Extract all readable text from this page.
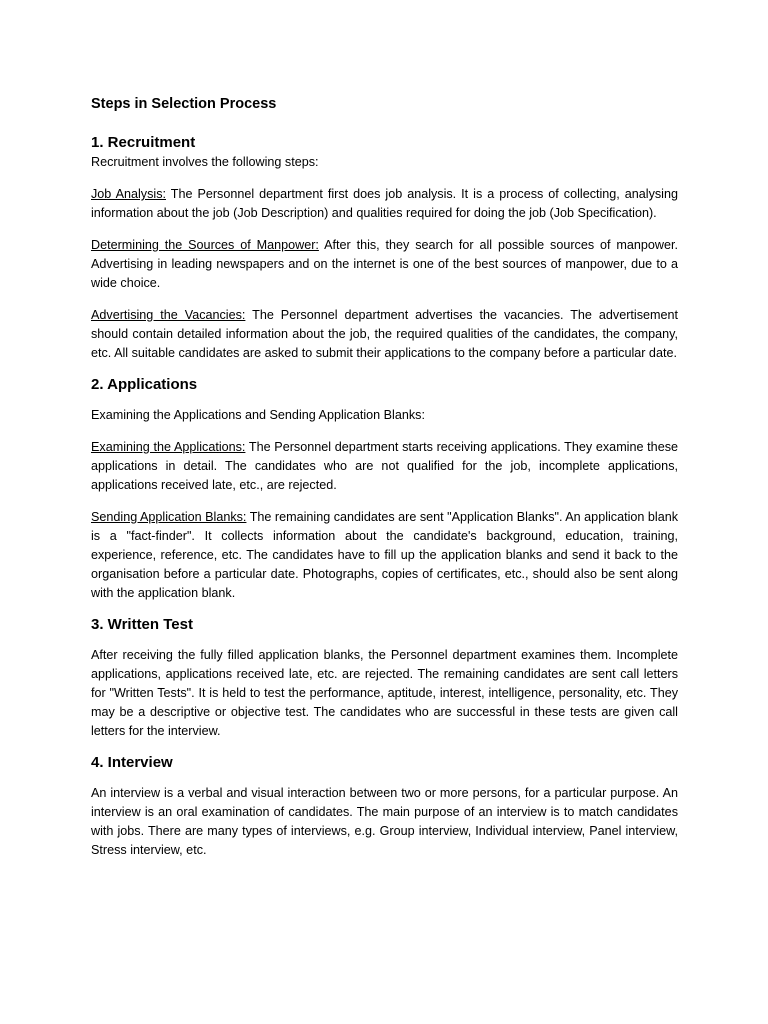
Steps in Selection Process
1. Recruitment

Recruitment involves the following steps:

Job Analysis: The Personnel department first does job analysis. It is a process of collecting, analysing information about the job (Job Description) and qualities required for doing the job (Job Specification).

Determining the Sources of Manpower: After this, they search for all possible sources of manpower. Advertising in leading newspapers and on the internet is one of the best sources of manpower, due to a wide choice.

Advertising the Vacancies: The Personnel department advertises the vacancies. The advertisement should contain detailed information about the job, the required qualities of the candidates, the company, etc. All suitable candidates are asked to submit their applications to the company before a particular date.

2. Applications

Examining the Applications and Sending Application Blanks:

Examining the Applications: The Personnel department starts receiving applications. They examine these applications in detail. The candidates who are not qualified for the job, incomplete applications, applications received late, etc., are rejected.

Sending Application Blanks: The remaining candidates are sent "Application Blanks". An application blank is a "fact-finder". It collects information about the candidate's background, education, training, experience, reference, etc. The candidates have to fill up the application blanks and send it back to the organisation before a particular date. Photographs, copies of certificates, etc., should also be sent along with the application blank.

3. Written Test

After receiving the fully filled application blanks, the Personnel department examines them. Incomplete applications, applications received late, etc. are rejected. The remaining candidates are sent call letters for "Written Tests". It is held to test the performance, aptitude, interest, intelligence, personality, etc. They may be a descriptive or objective test. The candidates who are successful in these tests are given call letters for the interview.

4. Interview

An interview is a verbal and visual interaction between two or more persons, for a particular purpose. An interview is an oral examination of candidates. The main purpose of an interview is to match candidates with jobs. There are many types of interviews, e.g. Group interview, Individual interview, Panel interview, Stress interview, etc.
